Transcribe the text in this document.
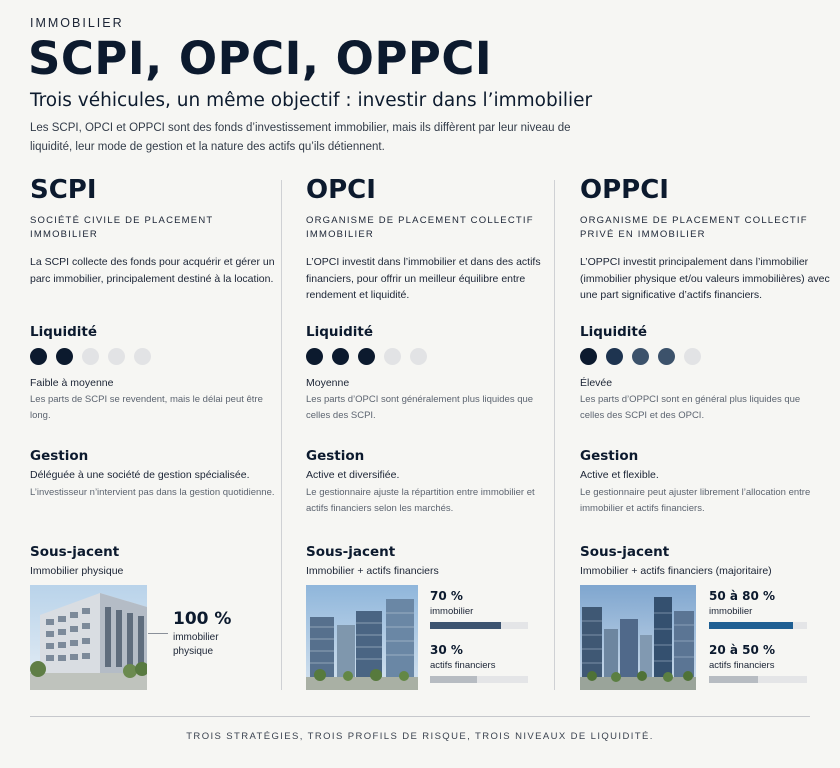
IMMOBILIER
SCPI, OPCI, OPPCI
Trois véhicules, un même objectif : investir dans l’immobilier

Les SCPI, OPCI et OPPCI sont des fonds d’investissement immobilier, mais ils diffèrent par leur niveau de liquidité, leur mode de gestion et la nature des actifs qu’ils détiennent.

SCPI
SOCIÉTÉ CIVILE DE PLACEMENT IMMOBILIER

La SCPI collecte des fonds pour acquérir et gérer un parc immobilier, principalement destiné à la location.

Liquidité
Faible à moyenne

Les parts de SCPI se revendent, mais le délai peut être long.

Gestion
Déléguée à une société de gestion spécialisée.

L’investisseur n’intervient pas dans la gestion quotidienne.

Sous-jacent
Immobilier physique
100 %
immobilier physique
OPCI
ORGANISME DE PLACEMENT COLLECTIF IMMOBILIER

L’OPCI investit dans l’immobilier et dans des actifs financiers, pour offrir un meilleur équilibre entre rendement et liquidité.

Liquidité
Moyenne

Les parts d’OPCI sont généralement plus liquides que celles des SCPI.

Gestion
Active et diversifiée.

Le gestionnaire ajuste la répartition entre immobilier et actifs financiers selon les marchés.

Sous-jacent
Immobilier + actifs financiers
70 %
immobilier
30 %
actifs financiers
OPPCI
ORGANISME DE PLACEMENT COLLECTIF PRIVÉ EN IMMOBILIER

L’OPPCI investit principalement dans l’immobilier (immobilier physique et/ou valeurs immobilières) avec une part significative d’actifs financiers.

Liquidité
Élevée

Les parts d’OPPCI sont en général plus liquides que celles des SCPI et des OPCI.

Gestion
Active et flexible.

Le gestionnaire peut ajuster librement l’allocation entre immobilier et actifs financiers.

Sous-jacent
Immobilier + actifs financiers (majoritaire)
50 à 80 %
immobilier
20 à 50 %
actifs financiers
TROIS STRATÉGIES, TROIS PROFILS DE RISQUE, TROIS NIVEAUX DE LIQUIDITÉ.
